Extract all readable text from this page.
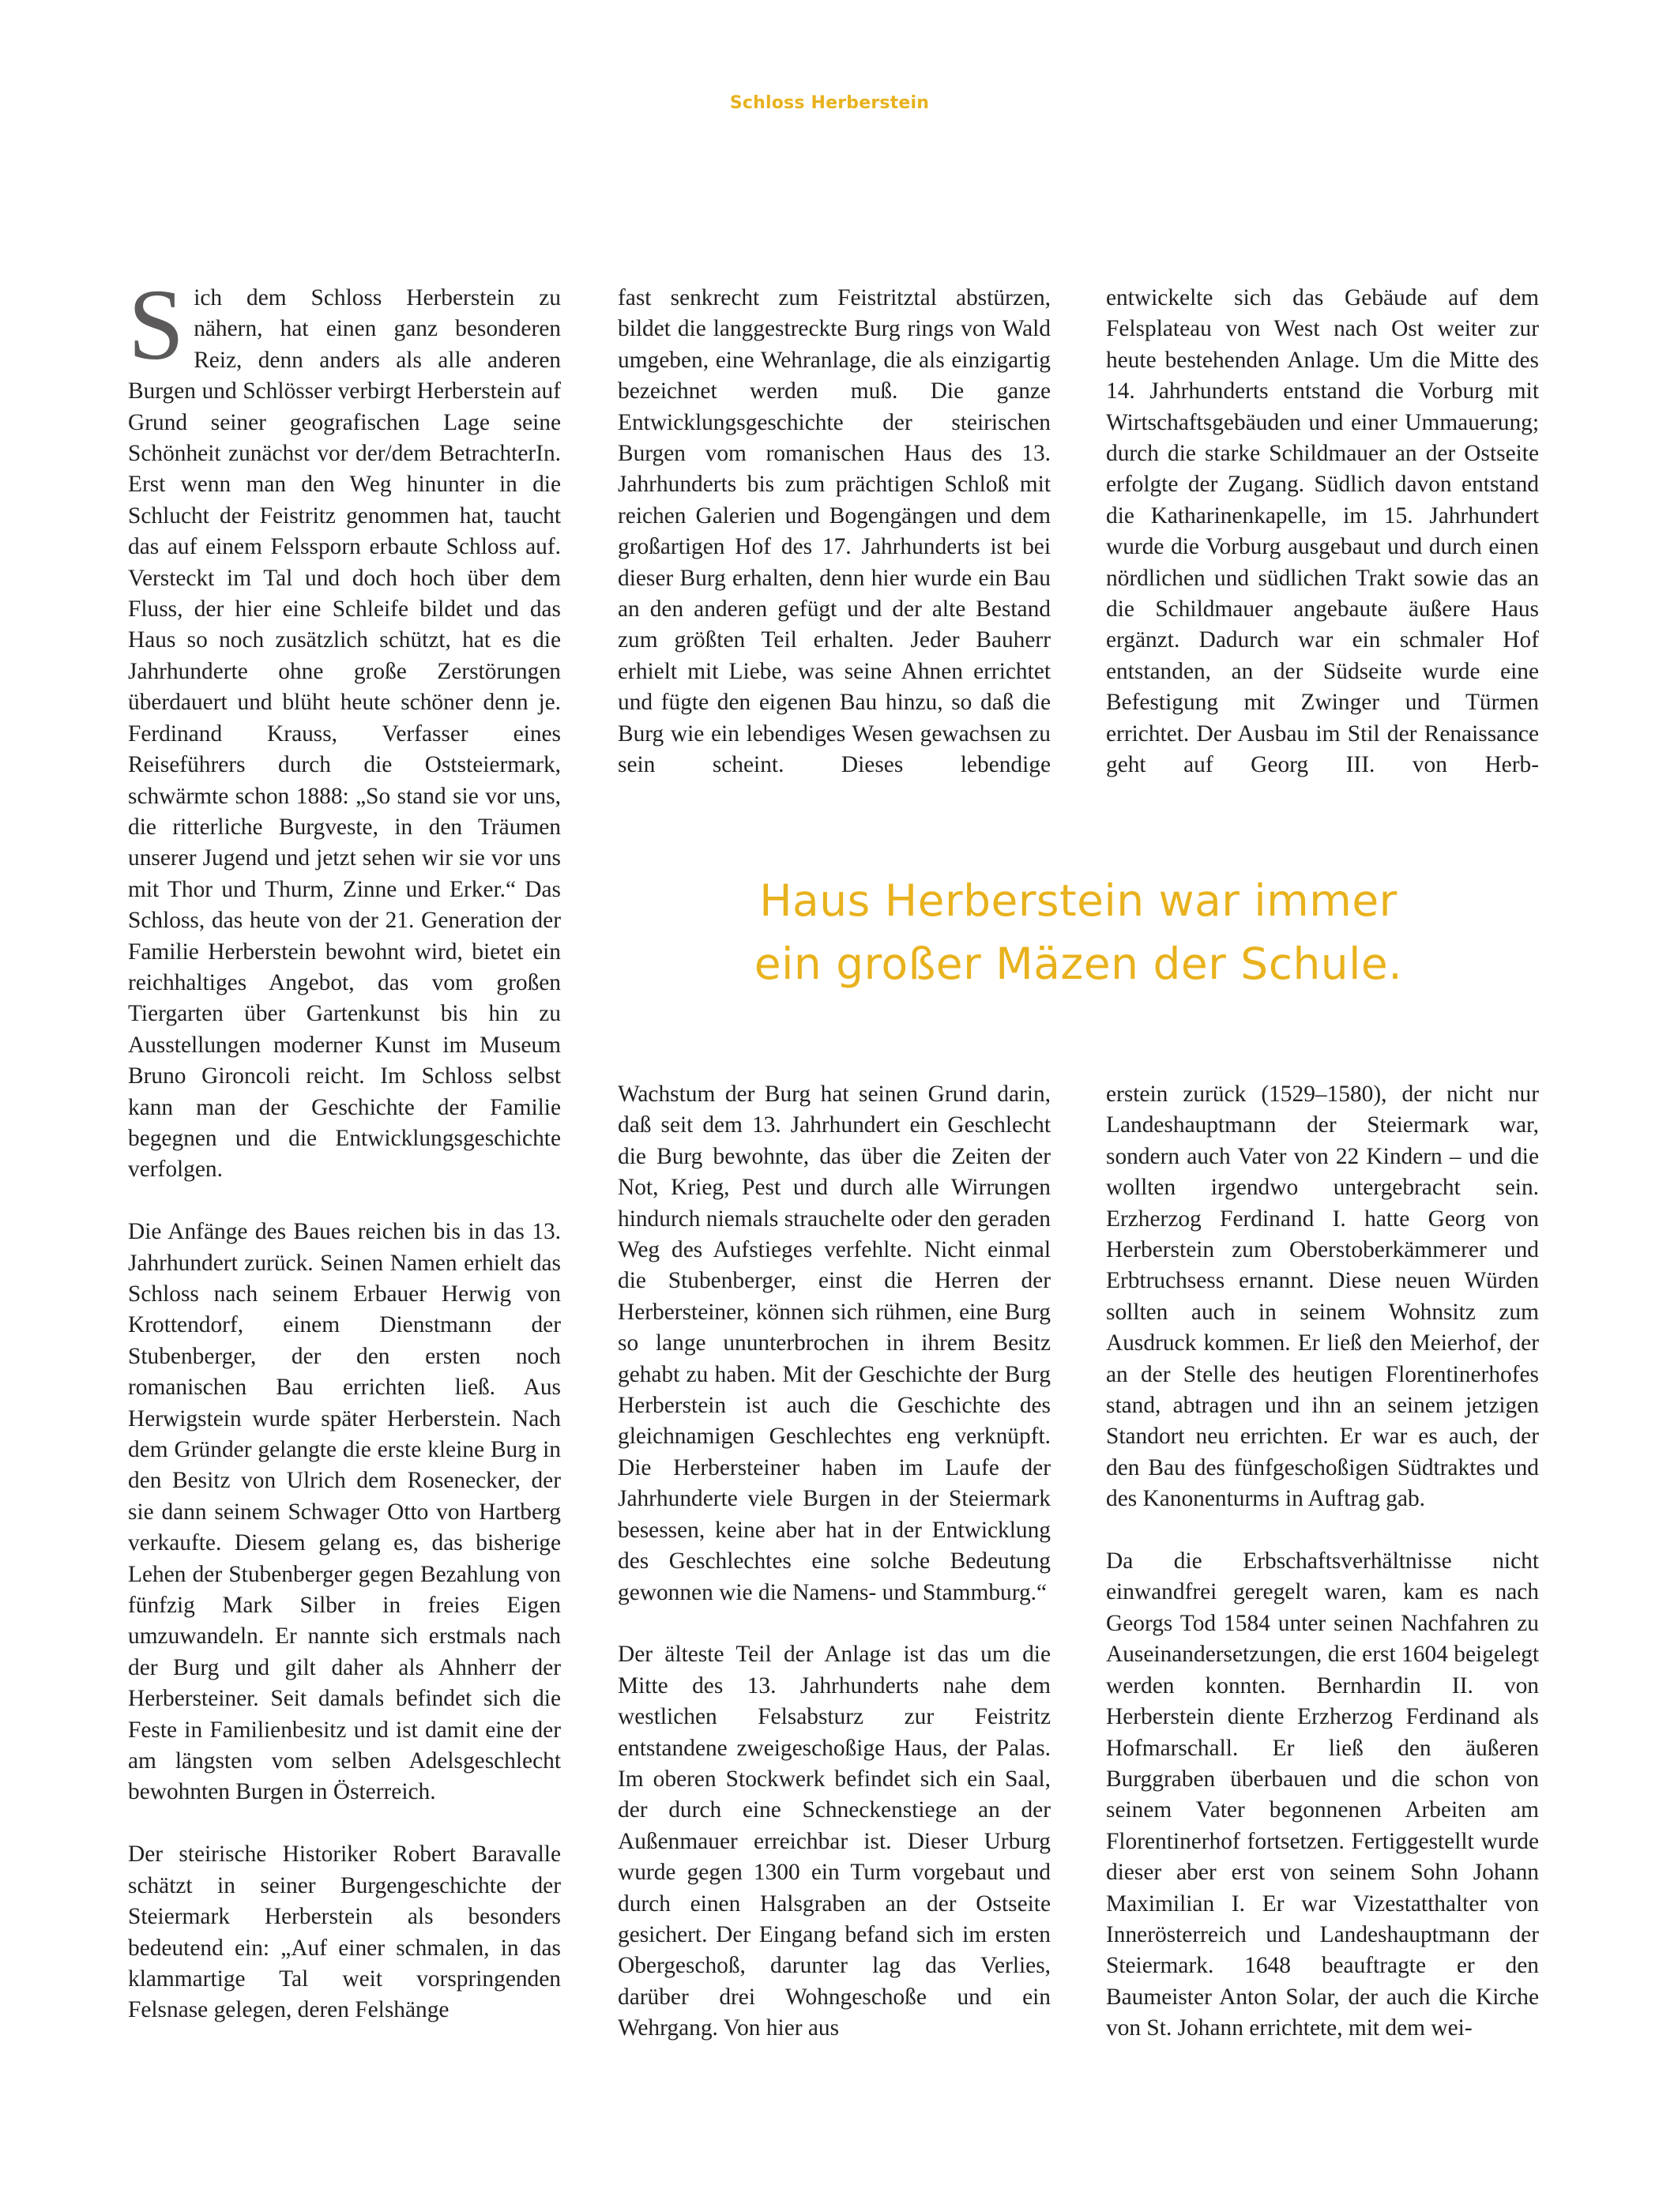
Schloss Herberstein

Sich dem Schloss Herberstein zu nähern, hat einen ganz besonderen Reiz, denn anders als alle anderen Burgen und Schlösser verbirgt Herberstein auf Grund seiner geografischen Lage seine Schönheit zunächst vor der/dem BetrachterIn. Erst wenn man den Weg hinunter in die Schlucht der Feistritz genommen hat, taucht das auf einem Felssporn erbaute Schloss auf. Versteckt im Tal und doch hoch über dem Fluss, der hier eine Schleife bildet und das Haus so noch zusätzlich schützt, hat es die Jahrhunderte ohne große Zerstörungen überdauert und blüht heute schöner denn je. Ferdinand Krauss, Verfasser eines Reiseführers durch die Oststeiermark, schwärmte schon 1888: „So stand sie vor uns, die ritterliche Burgveste, in den Träumen unserer Jugend und jetzt sehen wir sie vor uns mit Thor und Thurm, Zinne und Erker.“ Das Schloss, das heute von der 21. Generation der Familie Herberstein bewohnt wird, bietet ein reichhaltiges Angebot, das vom großen Tiergarten über Gartenkunst bis hin zu Ausstellungen moderner Kunst im Museum Bruno Gironcoli reicht. Im Schloss selbst kann man der Geschichte der Familie begegnen und die Entwicklungsgeschichte verfolgen.

Die Anfänge des Baues reichen bis in das 13. Jahrhundert zurück. Seinen Namen erhielt das Schloss nach seinem Erbauer Herwig von Krottendorf, einem Dienstmann der Stubenberger, der den ersten noch romanischen Bau errichten ließ. Aus Herwigstein wurde später Herberstein. Nach dem Gründer gelangte die erste kleine Burg in den Besitz von Ulrich dem Rosenecker, der sie dann seinem Schwager Otto von Hartberg verkaufte. Diesem gelang es, das bisherige Lehen der Stubenberger gegen Bezahlung von fünfzig Mark Silber in freies Eigen umzuwandeln. Er nannte sich erstmals nach der Burg und gilt daher als Ahnherr der Herbersteiner. Seit damals befindet sich die Feste in Familienbesitz und ist damit eine der am längsten vom selben Adelsgeschlecht bewohnten Burgen in Österreich.

Der steirische Historiker Robert Baravalle schätzt in seiner Burgengeschichte der Steiermark Herberstein als besonders bedeutend ein: „Auf einer schmalen, in das klammartige Tal weit vorspringenden Felsnase gelegen, deren Felshänge

fast senkrecht zum Feistritztal abstürzen, bildet die langgestreckte Burg rings von Wald umgeben, eine Wehranlage, die als einzigartig bezeichnet werden muß. Die ganze Entwicklungsgeschichte der steirischen Burgen vom romanischen Haus des 13. Jahrhunderts bis zum prächtigen Schloß mit reichen Galerien und Bogengängen und dem großartigen Hof des 17. Jahrhunderts ist bei dieser Burg erhalten, denn hier wurde ein Bau an den anderen gefügt und der alte Bestand zum größten Teil erhalten. Jeder Bauherr erhielt mit Liebe, was seine Ahnen errichtet und fügte den eigenen Bau hinzu, so daß die Burg wie ein lebendiges Wesen gewachsen zu sein scheint. Dieses lebendige

entwickelte sich das Gebäude auf dem Felsplateau von West nach Ost weiter zur heute bestehenden Anlage. Um die Mitte des 14. Jahrhunderts entstand die Vorburg mit Wirtschaftsgebäuden und einer Ummauerung; durch die starke Schildmauer an der Ostseite erfolgte der Zugang. Südlich davon entstand die Katharinenkapelle, im 15. Jahrhundert wurde die Vorburg ausgebaut und durch einen nördlichen und südlichen Trakt sowie das an die Schildmauer angebaute äußere Haus ergänzt. Dadurch war ein schmaler Hof entstanden, an der Südseite wurde eine Befestigung mit Zwinger und Türmen errichtet. Der Ausbau im Stil der Renaissance geht auf Georg III. von Herb-

Haus Herberstein war immer
ein großer Mäzen der Schule.

Wachstum der Burg hat seinen Grund darin, daß seit dem 13. Jahrhundert ein Geschlecht die Burg bewohnte, das über die Zeiten der Not, Krieg, Pest und durch alle Wirrungen hindurch niemals strauchelte oder den geraden Weg des Aufstieges verfehlte. Nicht einmal die Stubenberger, einst die Herren der Herbersteiner, können sich rühmen, eine Burg so lange ununterbrochen in ihrem Besitz gehabt zu haben. Mit der Geschichte der Burg Herberstein ist auch die Geschichte des gleichnamigen Geschlechtes eng verknüpft. Die Herbersteiner haben im Laufe der Jahrhunderte viele Burgen in der Steiermark besessen, keine aber hat in der Entwicklung des Geschlechtes eine solche Bedeutung gewonnen wie die Namens- und Stammburg.“

Der älteste Teil der Anlage ist das um die Mitte des 13. Jahrhunderts nahe dem westlichen Felsabsturz zur Feistritz entstandene zweigeschoßige Haus, der Palas. Im oberen Stockwerk befindet sich ein Saal, der durch eine Schneckenstiege an der Außenmauer erreichbar ist. Dieser Urburg wurde gegen 1300 ein Turm vorgebaut und durch einen Halsgraben an der Ostseite gesichert. Der Eingang befand sich im ersten Obergeschoß, darunter lag das Verlies, darüber drei Wohngeschoße und ein Wehrgang. Von hier aus

erstein zurück (1529–1580), der nicht nur Landeshauptmann der Steiermark war, sondern auch Vater von 22 Kindern – und die wollten irgendwo untergebracht sein. Erzherzog Ferdinand I. hatte Georg von Herberstein zum Oberstoberkämmerer und Erbtruchsess ernannt. Diese neuen Würden sollten auch in seinem Wohnsitz zum Ausdruck kommen. Er ließ den Meierhof, der an der Stelle des heutigen Florentinerhofes stand, abtragen und ihn an seinem jetzigen Standort neu errichten. Er war es auch, der den Bau des fünfgeschoßigen Südtraktes und des Kanonenturms in Auftrag gab.

Da die Erbschaftsverhältnisse nicht einwandfrei geregelt waren, kam es nach Georgs Tod 1584 unter seinen Nachfahren zu Auseinandersetzungen, die erst 1604 beigelegt werden konnten. Bernhardin II. von Herberstein diente Erzherzog Ferdinand als Hofmarschall. Er ließ den äußeren Burggraben überbauen und die schon von seinem Vater begonnenen Arbeiten am Florentinerhof fortsetzen. Fertiggestellt wurde dieser aber erst von seinem Sohn Johann Maximilian I. Er war Vizestatthalter von Innerösterreich und Landeshauptmann der Steiermark. 1648 beauftragte er den Baumeister Anton Solar, der auch die Kirche von St. Johann errichtete, mit dem wei-
